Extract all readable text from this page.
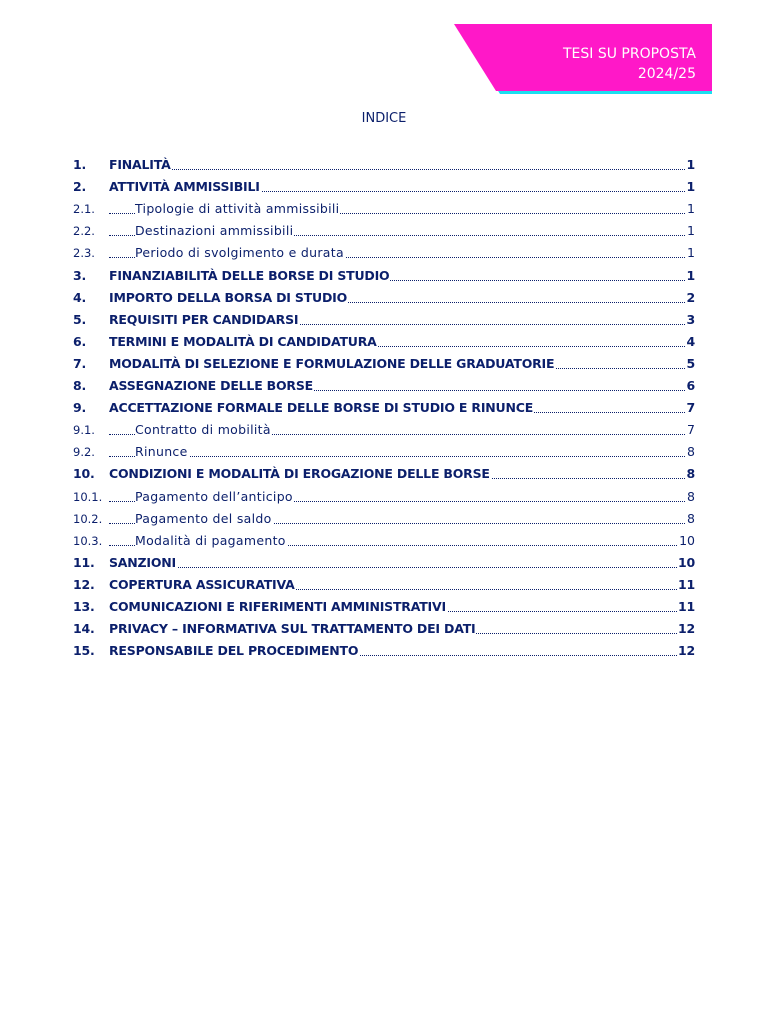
TESI SU PROPOSTA
2024/25
INDICE
1.	FINALITÀ	1
2.	ATTIVITÀ AMMISSIBILI	1
2.1.	Tipologie di attività ammissibili	1
2.2.	Destinazioni ammissibili	1
2.3.	Periodo di svolgimento e durata	1
3.	FINANZIABILITÀ DELLE BORSE DI STUDIO	1
4.	IMPORTO DELLA BORSA DI STUDIO	2
5.	REQUISITI PER CANDIDARSI	3
6.	TERMINI E MODALITÀ DI CANDIDATURA	4
7.	MODALITÀ DI SELEZIONE E FORMULAZIONE DELLE GRADUATORIE	5
8.	ASSEGNAZIONE DELLE BORSE	6
9.	ACCETTAZIONE FORMALE DELLE BORSE DI STUDIO E RINUNCE	7
9.1.	Contratto di mobilità	7
9.2.	Rinunce	8
10.	CONDIZIONI E MODALITÀ DI EROGAZIONE DELLE BORSE	8
10.1.	Pagamento dell’anticipo	8
10.2.	Pagamento del saldo	8
10.3.	Modalità di pagamento	10
11.	SANZIONI	10
12.	COPERTURA ASSICURATIVA	11
13.	COMUNICAZIONI E RIFERIMENTI AMMINISTRATIVI	11
14.	PRIVACY – INFORMATIVA SUL TRATTAMENTO DEI DATI	12
15.	RESPONSABILE DEL PROCEDIMENTO	12
